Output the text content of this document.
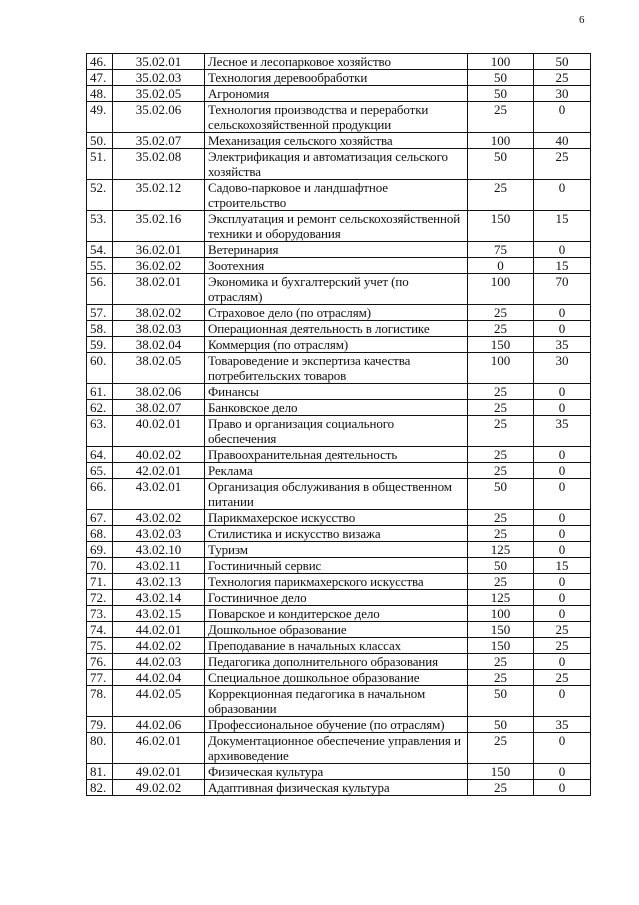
6
46.	35.02.01	Лесное и лесопарковое хозяйство	100	50
47.	35.02.03	Технология деревообработки	50	25
48.	35.02.05	Агрономия	50	30
49.	35.02.06	Технология производства и переработки сельскохозяйственной продукции	25	0
50.	35.02.07	Механизация сельского хозяйства	100	40
51.	35.02.08	Электрификация и автоматизация сельского хозяйства	50	25
52.	35.02.12	Садово-парковое и ландшафтное строительство	25	0
53.	35.02.16	Эксплуатация и ремонт сельскохозяйственной техники и оборудования	150	15
54.	36.02.01	Ветеринария	75	0
55.	36.02.02	Зоотехния	0	15
56.	38.02.01	Экономика и бухгалтерский учет (по отраслям)	100	70
57.	38.02.02	Страховое дело (по отраслям)	25	0
58.	38.02.03	Операционная деятельность в логистике	25	0
59.	38.02.04	Коммерция (по отраслям)	150	35
60.	38.02.05	Товароведение и экспертиза качества потребительских товаров	100	30
61.	38.02.06	Финансы	25	0
62.	38.02.07	Банковское дело	25	0
63.	40.02.01	Право и организация социального обеспечения	25	35
64.	40.02.02	Правоохранительная деятельность	25	0
65.	42.02.01	Реклама	25	0
66.	43.02.01	Организация обслуживания в общественном питании	50	0
67.	43.02.02	Парикмахерское искусство	25	0
68.	43.02.03	Стилистика и искусство визажа	25	0
69.	43.02.10	Туризм	125	0
70.	43.02.11	Гостиничный сервис	50	15
71.	43.02.13	Технология парикмахерского искусства	25	0
72.	43.02.14	Гостиничное дело	125	0
73.	43.02.15	Поварское и кондитерское дело	100	0
74.	44.02.01	Дошкольное образование	150	25
75.	44.02.02	Преподавание в начальных классах	150	25
76.	44.02.03	Педагогика дополнительного образования	25	0
77.	44.02.04	Специальное дошкольное образование	25	25
78.	44.02.05	Коррекционная педагогика в начальном образовании	50	0
79.	44.02.06	Профессиональное обучение (по отраслям)	50	35
80.	46.02.01	Документационное обеспечение управления и архивоведение	25	0
81.	49.02.01	Физическая культура	150	0
82.	49.02.02	Адаптивная физическая культура	25	0
